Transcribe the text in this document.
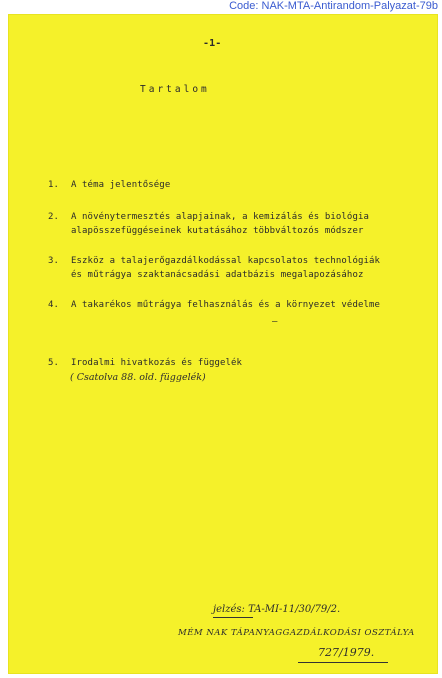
Code: NAK-MTA-Antirandom-Palyazat-79b
-1-
Tartalom
1. A téma jelentősége
2. A növénytermesztés alapjainak, a kemizálás és biológia
alapösszefüggéseinek kutatásához többváltozós módszer
3. Eszköz a talajerőgazdálkodással kapcsolatos technológiák
és műtrágya szaktanácsadási adatbázis megalapozásához
4. A takarékos műtrágya felhasználás és a környezet védelme
–
5. Irodalmi hivatkozás és függelék
( Csatolva 88. old. függelék)
jelzés: TA-MI-11/30/79/2.
MÉM NAK TÁPANYAGGAZDÁLKODÁSI OSZTÁLYA
727/1979.
